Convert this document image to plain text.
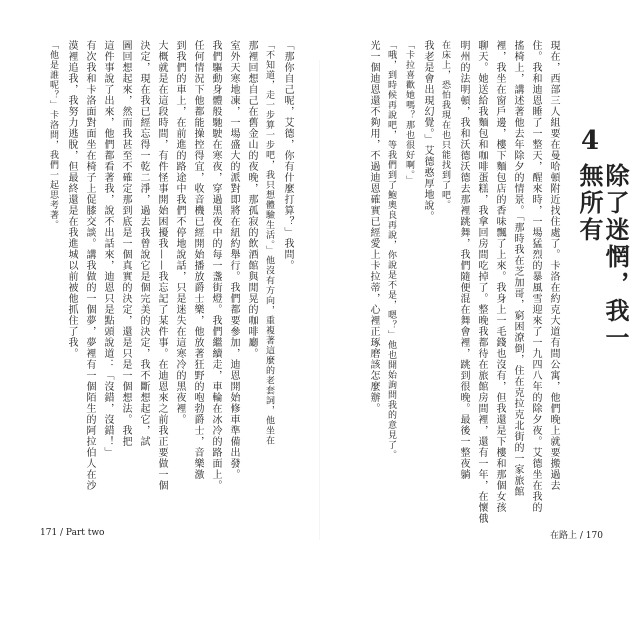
「那你自己呢，艾德，你有什麼打算？」我問。
「不知道，走一步算一步吧，我只想體驗生活。」他沒有方向，重複著這麼的老套詞，他坐在
那裡回想自己在舊金山的夜晚，那孤寂的飲酒館與閒晃的咖啡廳。
室外天寒地凍，一場盛大的派對即將在紐約舉行。我們都要參加，迪恩開始修車準備出發。
我們驅動身體般馳駛在寒夜，穿過黑夜中的每一盞街燈。我們繼續走，車輪在冰冷的路面上。
任何情況下他都能操控得宜，收音機已經開始播放爵士樂，他放著狂野的咆勃爵士，音樂激
到我們的車上，在前進的路途中我們不停地說話，只是迷失在這寒冷的黑夜裡。
大概就是在這段時間，有件怪事開始困擾我——我忘記了某件事。在迪恩來之前我正要做一個
決定，現在我已經忘得一乾二淨，過去我曾說它是個完美的決定，我不斷想起它，試
圖回想起來，然而我甚至不確定那到底是一個真實的決定，還是只是一個想法。我把
這件事說了出來，他們都看著我，說不出話來，迪恩只是點頭說道：「沒錯，沒錯！」
有次我和卡洛面對面坐在椅子上促膝交談。講我做的一個夢，夢裡有一個陌生的阿拉伯人在沙
漠裡追我，我努力逃脫，但最終還是在我進城以前被他抓住了我。
「他是誰呢？」卡洛問，我們一起思考著。
171 / Part two
4
除了迷惘，我一無所有
現在，西部三人組要在曼哈頓附近找住處了。卡洛在約克大道有間公寓，他們晚上就要搬過去
住。我和迪恩睡了一整天，醒來時，一場猛烈的暴風雪迎來了一九四八年的除夕夜。艾德坐在我的
搖椅上，講述著他去年除夕的情景。「那時我在芝加哥，窮困潦倒，住在克拉克北街的一家旅館
裡，我坐在窗戶邊，樓下麵包店的香味飄了上來。我身上一毛錢也沒有，但我還是下樓和那個女孩
聊天。她送給我麵包和咖啡蛋糕，我拿回房間吃掉了。整晚我都待在旅館房間裡，還有一年，在懷俄
明州的法明頓，我和沃德沃德去那裡跳舞，我們隨便混在舞會裡，跳到很晚。最後一整夜躺
在床上，恐怕我現在也只能找到了吧。
我老是會出現幻覺。」艾德憨厚地說。
「卡拉喜歡她嗎？那也很好啊。」
「哦，到時候再說吧，等我們到了鮑奧良再說，你說是不是，嗯？」他也開始詢問我的意見了。
光一個迪恩還不夠用，不過迪恩確實已經愛上卡拉蒂，心裡正琢磨該怎麼辦。
在路上 / 170
